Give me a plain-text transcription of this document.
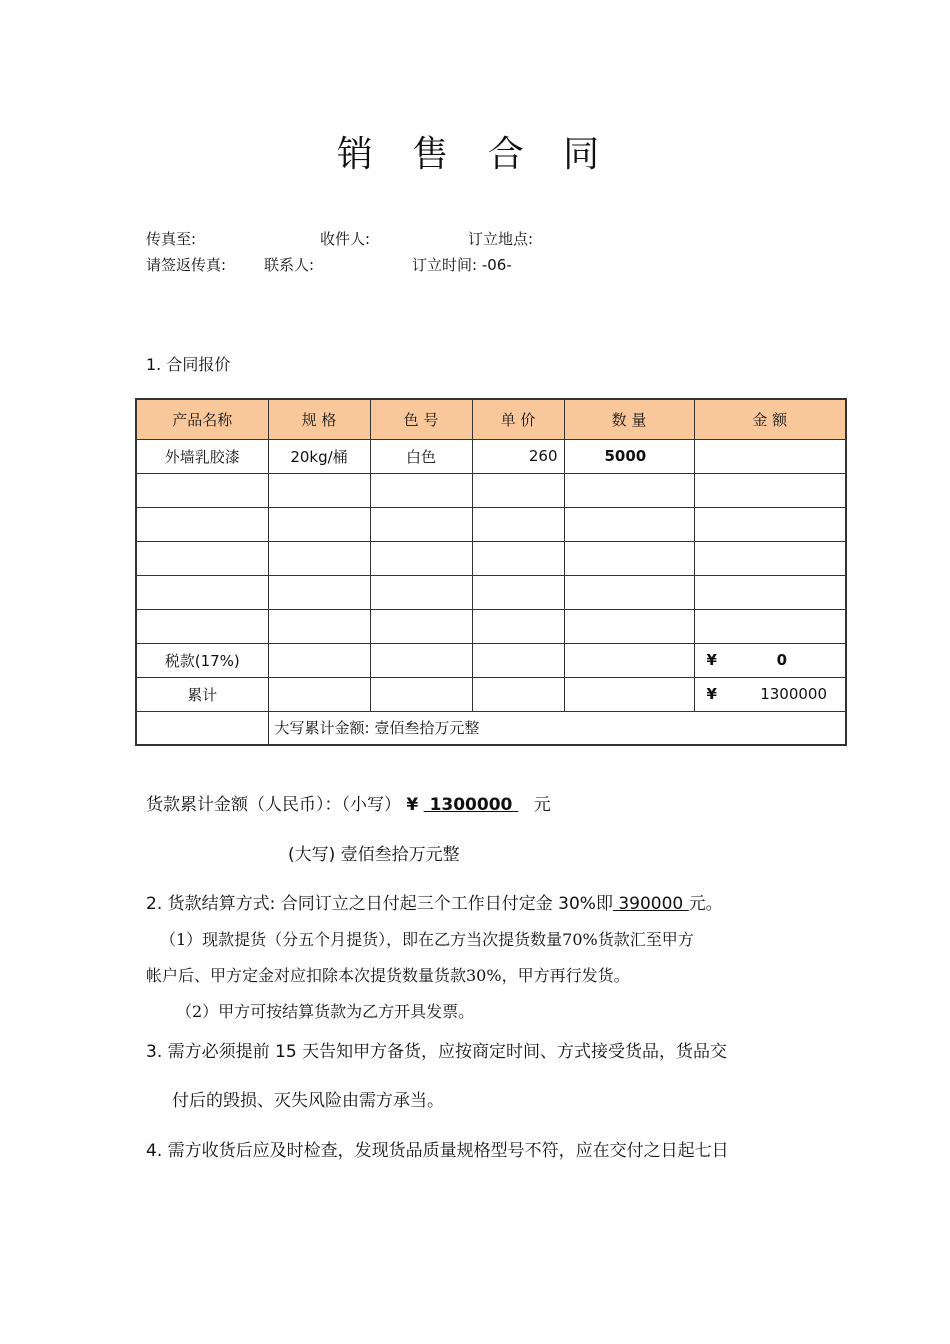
销 售 合 同
传真至:	收件人:	订立地点:
请签返传真:	联系人:	订立时间: -06-
1. 合同报价
产品名称	规 格	色 号	单 价	数 量	金 额
外墙乳胶漆	20kg/桶	白色	260	5000	

税款(17%)					¥ 0

累计					¥ 1300000

	大写累计金额: 壹佰叁拾万元整				
货款累计金额（人民币）：（小写） ¥  1300000  元
(大写) 壹佰叁拾万元整
2. 货款结算方式: 合同订立之日付起三个工作日付定金 30%即 390000 元。
（1）现款提货（分五个月提货），即在乙方当次提货数量70%货款汇至甲方
帐户后、甲方定金对应扣除本次提货数量货款30%，甲方再行发货。
（2）甲方可按结算货款为乙方开具发票。
3. 需方必须提前 15 天告知甲方备货，应按商定时间、方式接受货品，货品交
付后的毁损、灭失风险由需方承当。
4. 需方收货后应及时检查，发现货品质量规格型号不符，应在交付之日起七日
